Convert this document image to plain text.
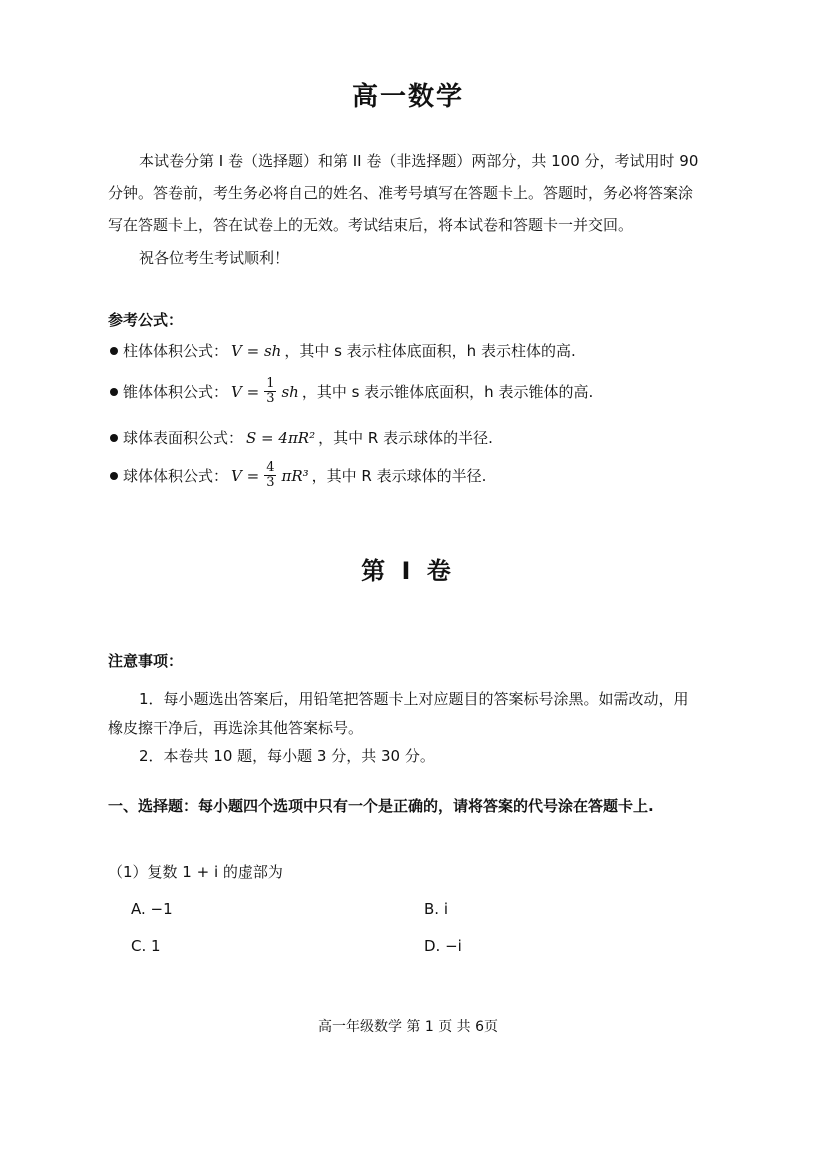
高一数学
本试卷分第 I 卷（选择题）和第 II 卷（非选择题）两部分，共 100 分，考试用时 90
分钟。答卷前，考生务必将自己的姓名、准考号填写在答题卡上。答题时，务必将答案涂
写在答题卡上，答在试卷上的无效。考试结束后，将本试卷和答题卡一并交回。
祝各位考生考试顺利！
参考公式：
柱体体积公式： V = sh ，其中 s 表示柱体底面积，h 表示柱体的高.
锥体体积公式： $V = \frac{1}{3}$ sh ，其中 s 表示锥体底面积，h 表示锥体的高.
球体表面积公式： S = 4πR² ，其中 R 表示球体的半径.
球体体积公式： $V = \frac{4}{3} \pi R^3$ ，其中 R 表示球体的半径.
第 I 卷
注意事项：
1．每小题选出答案后，用铅笔把答题卡上对应题目的答案标号涂黑。如需改动，用
橡皮擦干净后，再选涂其他答案标号。
2．本卷共 10 题，每小题 3 分，共 30 分。
一、选择题：每小题四个选项中只有一个是正确的，请将答案的代号涂在答题卡上.
（1）复数 1 + i 的虚部为
A. −1	B. i
C. 1	D. −i
高一年级数学 第 1 页 共 6页
